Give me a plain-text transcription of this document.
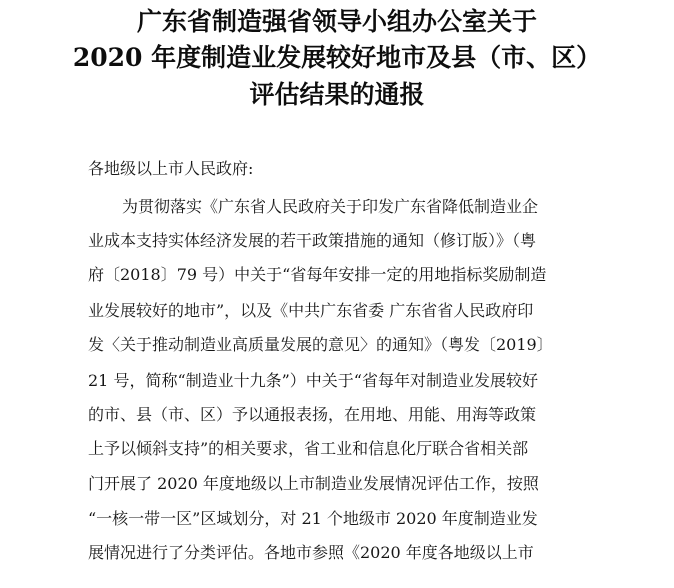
广东省制造强省领导小组办公室关于
2020 年度制造业发展较好地市及县（市、区）
评估结果的通报
各地级以上市人民政府:
为贯彻落实《广东省人民政府关于印发广东省降低制造业企
业成本支持实体经济发展的若干政策措施的通知（修订版）》（粤
府〔2018〕79 号）中关于“省每年安排一定的用地指标奖励制造
业发展较好的地市”，以及《中共广东省委 广东省省人民政府印
发〈关于推动制造业高质量发展的意见〉的通知》（粤发〔2019〕
21 号，简称“制造业十九条”）中关于“省每年对制造业发展较好
的市、县（市、区）予以通报表扬，在用地、用能、用海等政策
上予以倾斜支持”的相关要求，省工业和信息化厅联合省相关部
门开展了 2020 年度地级以上市制造业发展情况评估工作，按照
“一核一带一区”区域划分，对 21 个地级市 2020 年度制造业发
展情况进行了分类评估。各地市参照《2020 年度各地级以上市
